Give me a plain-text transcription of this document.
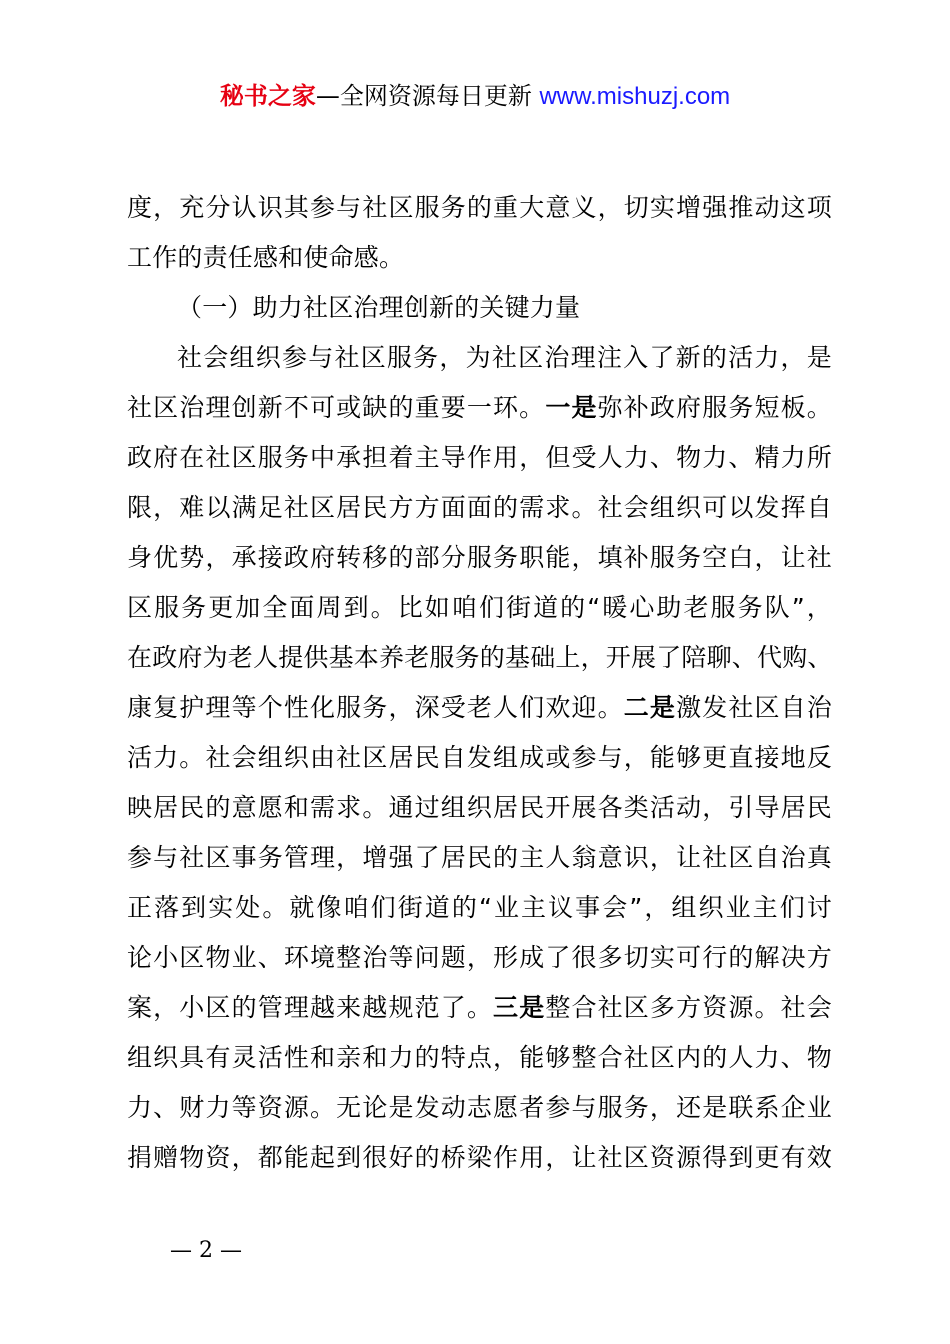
秘书之家—全网资源每日更新 www.mishuzj.com
度，充分认识其参与社区服务的重大意义，切实增强推动这项
工作的责任感和使命感。
（一）助力社区治理创新的关键力量
社会组织参与社区服务，为社区治理注入了新的活力，是
社区治理创新不可或缺的重要一环。一是弥补政府服务短板。
政府在社区服务中承担着主导作用，但受人力、物力、精力所
限，难以满足社区居民方方面面的需求。社会组织可以发挥自
身优势，承接政府转移的部分服务职能，填补服务空白，让社
区服务更加全面周到。比如咱们街道的“暖心助老服务队”，
在政府为老人提供基本养老服务的基础上，开展了陪聊、代购、
康复护理等个性化服务，深受老人们欢迎。二是激发社区自治
活力。社会组织由社区居民自发组成或参与，能够更直接地反
映居民的意愿和需求。通过组织居民开展各类活动，引导居民
参与社区事务管理，增强了居民的主人翁意识，让社区自治真
正落到实处。就像咱们街道的“业主议事会”，组织业主们讨
论小区物业、环境整治等问题，形成了很多切实可行的解决方
案，小区的管理越来越规范了。三是整合社区多方资源。社会
组织具有灵活性和亲和力的特点，能够整合社区内的人力、物
力、财力等资源。无论是发动志愿者参与服务，还是联系企业
捐赠物资，都能起到很好的桥梁作用，让社区资源得到更有效
— 2 —
